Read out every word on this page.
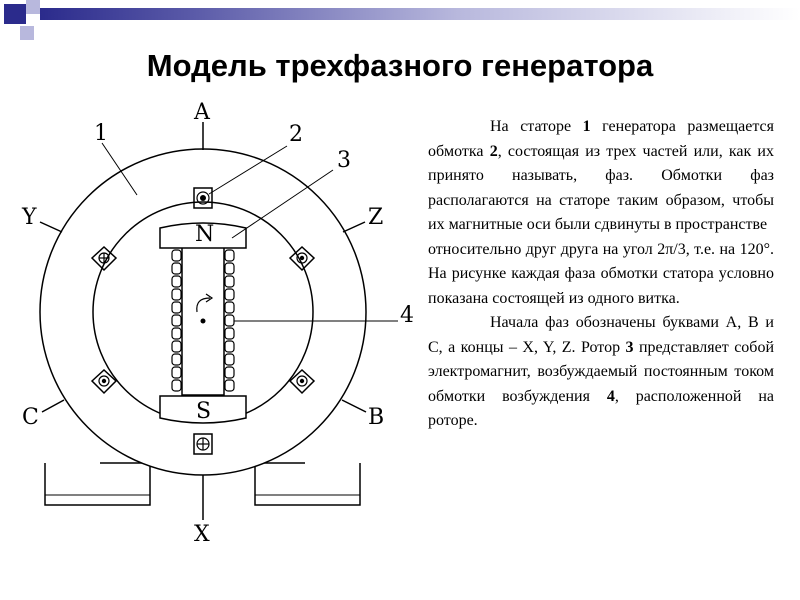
Модель трехфазного генератора
A
X
Y	Z
C	B
N
S
1	2
3
4

На статоре 1 генератора размещается обмотка 2, состоящая из трех частей или, как их принято называть, фаз. Обмотки фаз располагаются на статоре таким образом, чтобы их магнитные оси были сдвинуты в пространстве

относительно друг друга на угол 2π/3, т.е. на 120°. На рисунке каждая фаза обмотки статора условно показана состоящей из одного витка.

Начала фаз обозначены буквами А, В и С, а концы – X, Y, Z. Ротор 3 представляет собой электромагнит, возбуждаемый постоянным током обмотки возбуждения 4, расположенной на роторе.
